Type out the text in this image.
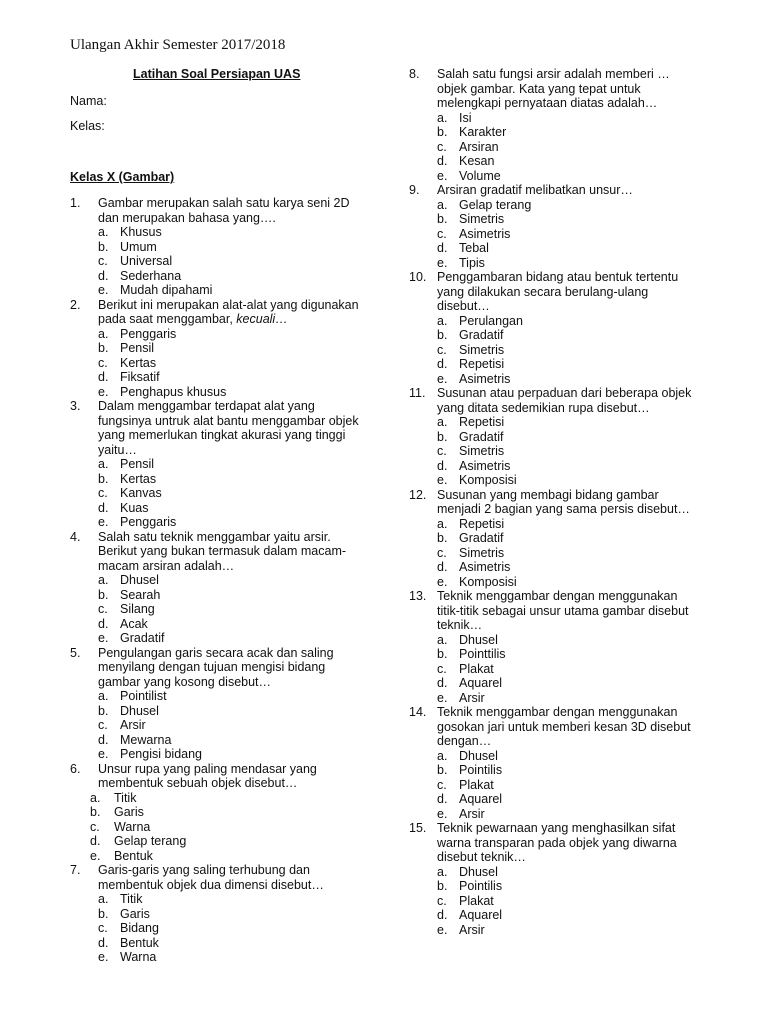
Ulangan Akhir Semester 2017/2018
Latihan Soal Persiapan UAS
Nama:
Kelas:
Kelas X (Gambar)
1.	Gambar merupakan salah satu karya seni 2D dan merupakan bahasa yang….
a. Khusus
b. Umum
c. Universal
d. Sederhana
e. Mudah dipahami
2.	Berikut ini merupakan alat-alat yang digunakan pada saat menggambar, kecuali…
a. Penggaris
b. Pensil
c. Kertas
d. Fiksatif
e. Penghapus khusus
3.	Dalam menggambar terdapat alat yang fungsinya untruk alat bantu menggambar objek yang memerlukan tingkat akurasi yang tinggi yaitu…
a. Pensil
b. Kertas
c. Kanvas
d. Kuas
e. Penggaris
4.	Salah satu teknik menggambar yaitu arsir. Berikut yang bukan termasuk dalam macam-macam arsiran adalah…
a. Dhusel
b. Searah
c. Silang
d. Acak
e. Gradatif
5.	Pengulangan garis secara acak dan saling menyilang dengan tujuan mengisi bidang gambar yang kosong disebut…
a. Pointilist
b. Dhusel
c. Arsir
d. Mewarna
e. Pengisi bidang
6.	Unsur rupa yang paling mendasar yang membentuk sebuah objek disebut…
a. Titik
b. Garis
c. Warna
d. Gelap terang
e. Bentuk
7.	Garis-garis yang saling terhubung dan membentuk objek dua dimensi disebut…
a. Titik
b. Garis
c. Bidang
d. Bentuk
e. Warna
8.	Salah satu fungsi arsir adalah memberi … objek gambar. Kata yang tepat untuk melengkapi pernyataan diatas adalah…
a. Isi
b. Karakter
c. Arsiran
d. Kesan
e. Volume
9.	Arsiran gradatif melibatkan unsur…
a. Gelap terang
b. Simetris
c. Asimetris
d. Tebal
e. Tipis
10. Penggambaran bidang atau bentuk tertentu yang dilakukan secara berulang-ulang disebut…
a. Perulangan
b. Gradatif
c. Simetris
d. Repetisi
e. Asimetris
11. Susunan atau perpaduan dari beberapa objek yang ditata sedemikian rupa disebut…
a. Repetisi
b. Gradatif
c. Simetris
d. Asimetris
e. Komposisi
12. Susunan yang membagi bidang gambar menjadi 2 bagian yang sama persis disebut…
a. Repetisi
b. Gradatif
c. Simetris
d. Asimetris
e. Komposisi
13. Teknik menggambar dengan menggunakan titik-titik sebagai unsur utama gambar disebut teknik…
a. Dhusel
b. Pointtilis
c. Plakat
d. Aquarel
e. Arsir
14. Teknik menggambar dengan menggunakan gosokan jari untuk memberi kesan 3D disebut dengan…
a. Dhusel
b. Pointilis
c. Plakat
d. Aquarel
e. Arsir
15. Teknik pewarnaan yang menghasilkan sifat warna transparan pada objek yang diwarna disebut teknik…
a. Dhusel
b. Pointilis
c. Plakat
d. Aquarel
e. Arsir
